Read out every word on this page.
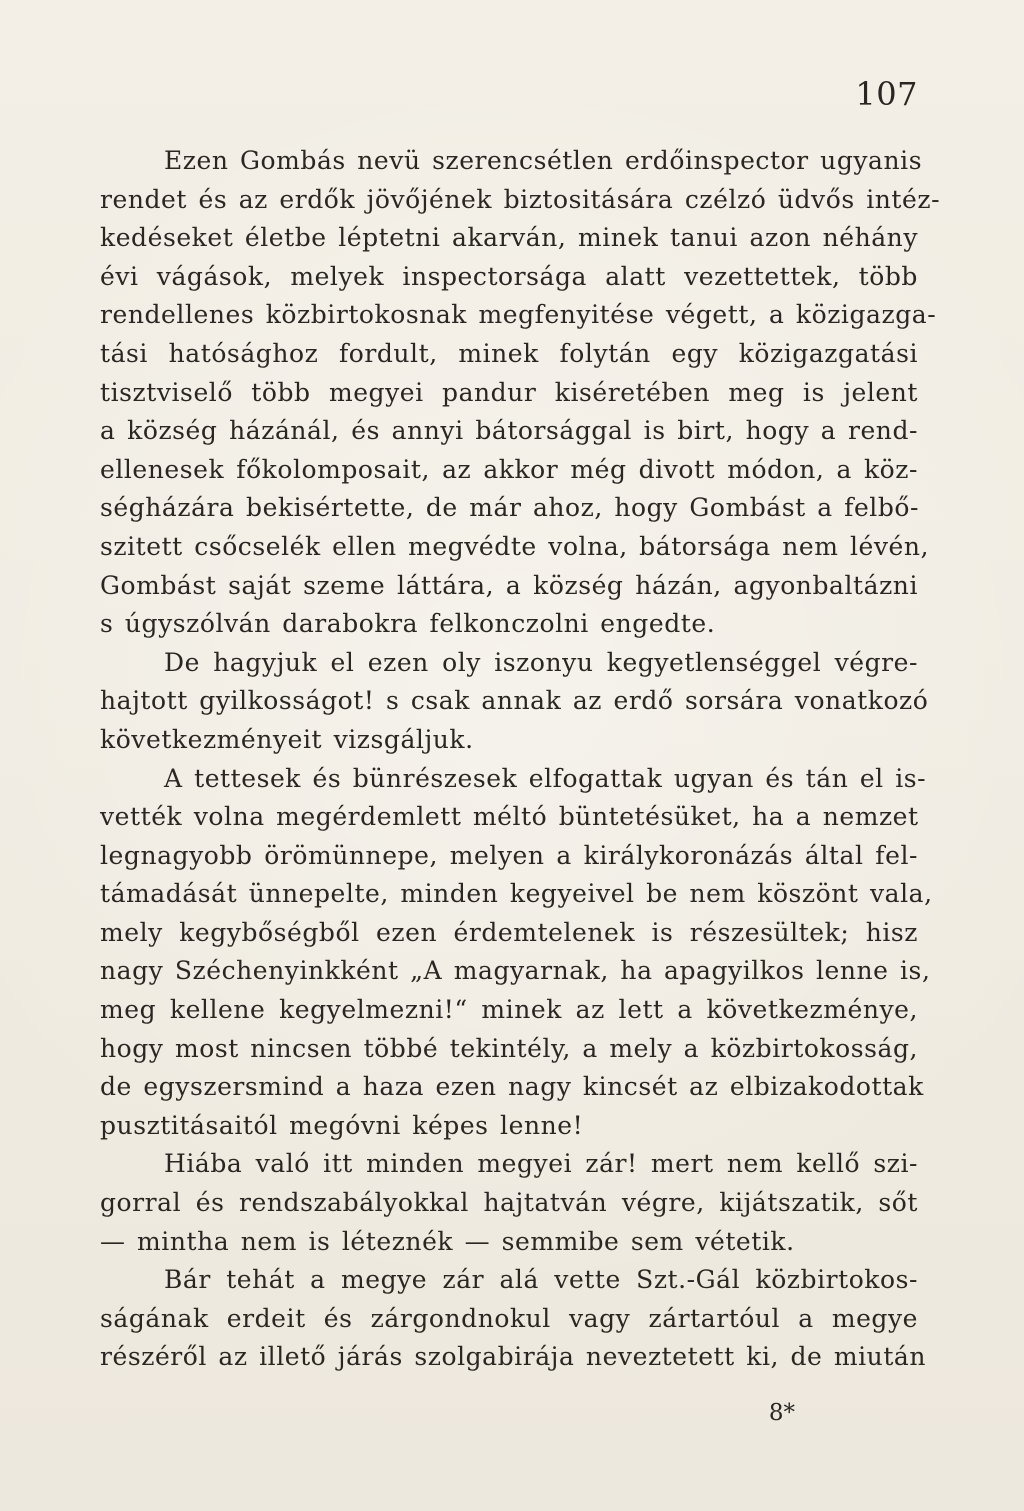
107
Ezen Gombás nevü szerencsétlen erdőinspector ugyanis
rendet és az erdők jövőjének biztositására czélzó üdvős intéz-
kedéseket életbe léptetni akarván, minek tanui azon néhány
évi vágások, melyek inspectorsága alatt vezettettek, több
rendellenes közbirtokosnak megfenyitése végett, a közigazga-
tási hatósághoz fordult, minek folytán egy közigazgatási
tisztviselő több megyei pandur kiséretében meg is jelent
a község házánál, és annyi bátorsággal is birt, hogy a rend-
ellenesek főkolomposait, az akkor még divott módon, a köz-
ségházára bekisértette, de már ahoz, hogy Gombást a felbő-
szitett csőcselék ellen megvédte volna, bátorsága nem lévén,
Gombást saját szeme láttára, a község házán, agyonbaltázni
s úgyszólván darabokra felkonczolni engedte.
De hagyjuk el ezen oly iszonyu kegyetlenséggel végre-
hajtott gyilkosságot! s csak annak az erdő sorsára vonatkozó
következményeit vizsgáljuk.
A tettesek és bünrészesek elfogattak ugyan és tán el is-
vették volna megérdemlett méltó büntetésüket, ha a nemzet
legnagyobb örömünnepe, melyen a királykoronázás által fel-
támadását ünnepelte, minden kegyeivel be nem köszönt vala,
mely kegybőségből ezen érdemtelenek is részesültek; hisz
nagy Széchenyinkként „A magyarnak, ha apagyilkos lenne is,
meg kellene kegyelmezni!“ minek az lett a következménye,
hogy most nincsen többé tekintély, a mely a közbirtokosság,
de egyszersmind a haza ezen nagy kincsét az elbizakodottak
pusztitásaitól megóvni képes lenne!
Hiába való itt minden megyei zár! mert nem kellő szi-
gorral és rendszabályokkal hajtatván végre, kijátszatik, sőt
— mintha nem is léteznék — semmibe sem vétetik.
Bár tehát a megye zár alá vette Szt.-Gál közbirtokos-
ságának erdeit és zárgondnokul vagy zártartóul a megye
részéről az illető járás szolgabirája neveztetett ki, de miután
8*
